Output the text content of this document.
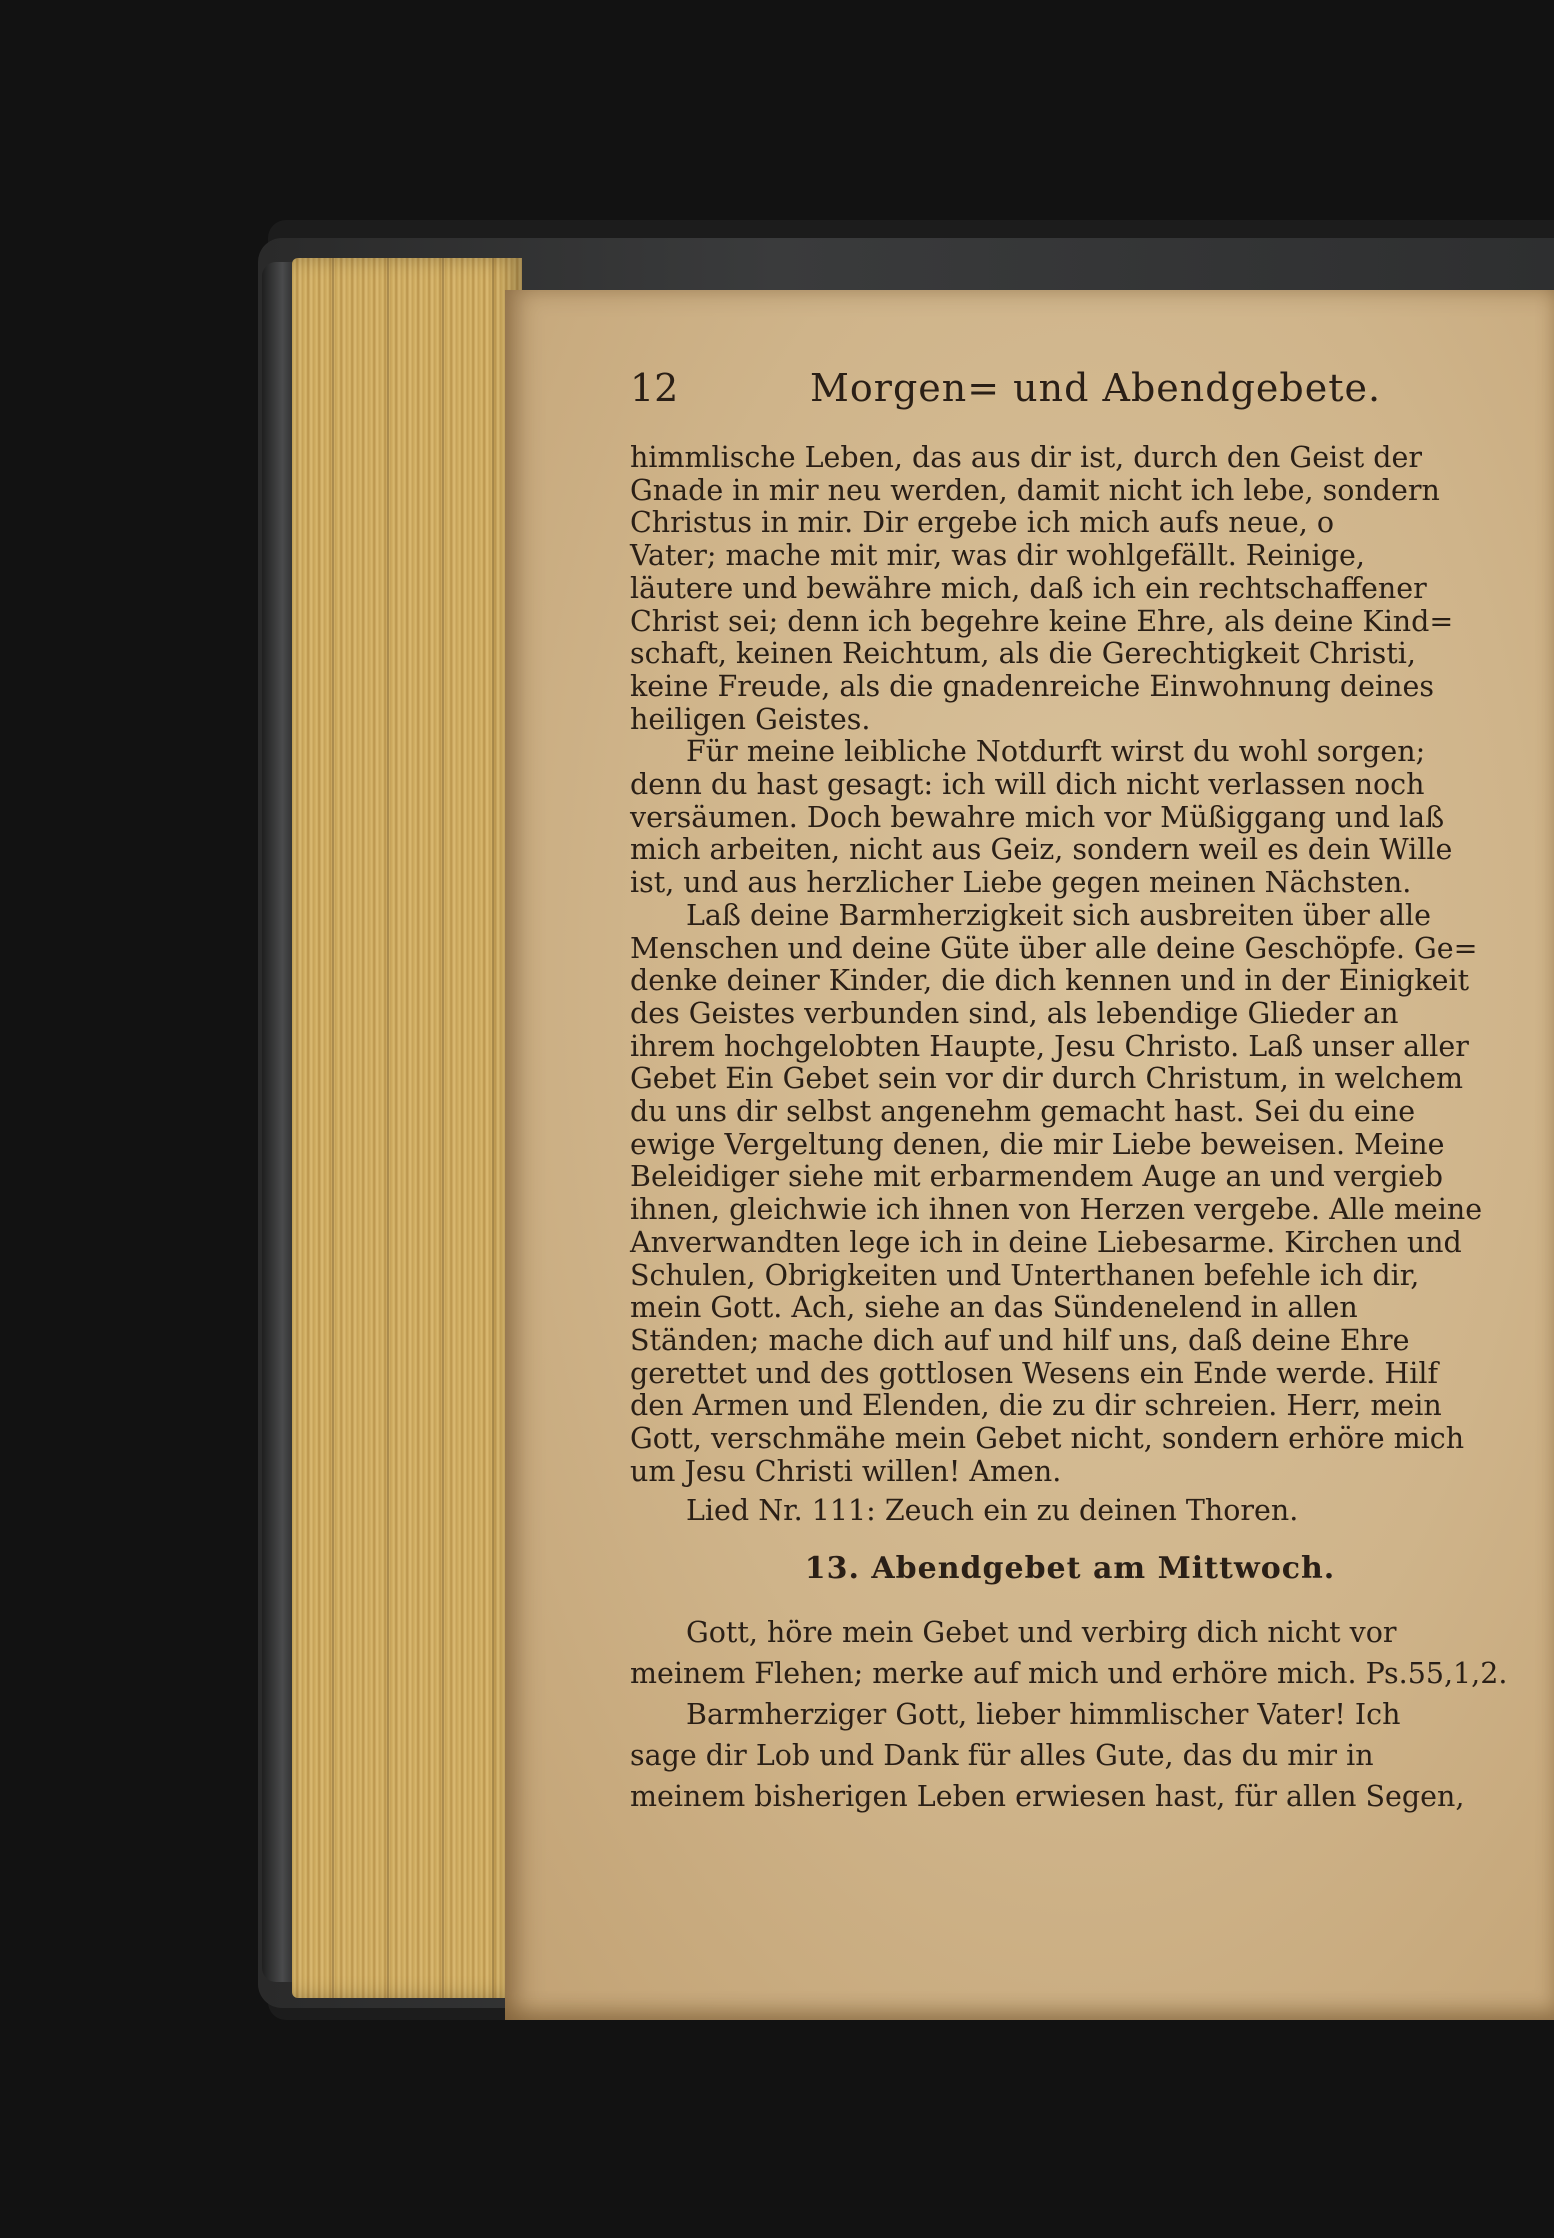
12	Morgen= und Abendgebete.
himmlische Leben, das aus dir ist, durch den Geist der
Gnade in mir neu werden, damit nicht ich lebe, sondern
Christus in mir. Dir ergebe ich mich aufs neue, o
Vater; mache mit mir, was dir wohlgefällt. Reinige,
läutere und bewähre mich, daß ich ein rechtschaffener
Christ sei; denn ich begehre keine Ehre, als deine Kind=
schaft, keinen Reichtum, als die Gerechtigkeit Christi,
keine Freude, als die gnadenreiche Einwohnung deines
heiligen Geistes.
Für meine leibliche Notdurft wirst du wohl sorgen;
denn du hast gesagt: ich will dich nicht verlassen noch
versäumen. Doch bewahre mich vor Müßiggang und laß
mich arbeiten, nicht aus Geiz, sondern weil es dein Wille
ist, und aus herzlicher Liebe gegen meinen Nächsten.
Laß deine Barmherzigkeit sich ausbreiten über alle
Menschen und deine Güte über alle deine Geschöpfe. Ge=
denke deiner Kinder, die dich kennen und in der Einigkeit
des Geistes verbunden sind, als lebendige Glieder an
ihrem hochgelobten Haupte, Jesu Christo. Laß unser aller
Gebet Ein Gebet sein vor dir durch Christum, in welchem
du uns dir selbst angenehm gemacht hast. Sei du eine
ewige Vergeltung denen, die mir Liebe beweisen. Meine
Beleidiger siehe mit erbarmendem Auge an und vergieb
ihnen, gleichwie ich ihnen von Herzen vergebe. Alle meine
Anverwandten lege ich in deine Liebesarme. Kirchen und
Schulen, Obrigkeiten und Unterthanen befehle ich dir,
mein Gott. Ach, siehe an das Sündenelend in allen
Ständen; mache dich auf und hilf uns, daß deine Ehre
gerettet und des gottlosen Wesens ein Ende werde. Hilf
den Armen und Elenden, die zu dir schreien. Herr, mein
Gott, verschmähe mein Gebet nicht, sondern erhöre mich
um Jesu Christi willen! Amen.
Lied Nr. 111: Zeuch ein zu deinen Thoren.
13. Abendgebet am Mittwoch.
Gott, höre mein Gebet und verbirg dich nicht vor
meinem Flehen; merke auf mich und erhöre mich. Ps.55,1,2.
Barmherziger Gott, lieber himmlischer Vater! Ich
sage dir Lob und Dank für alles Gute, das du mir in
meinem bisherigen Leben erwiesen hast, für allen Segen,
